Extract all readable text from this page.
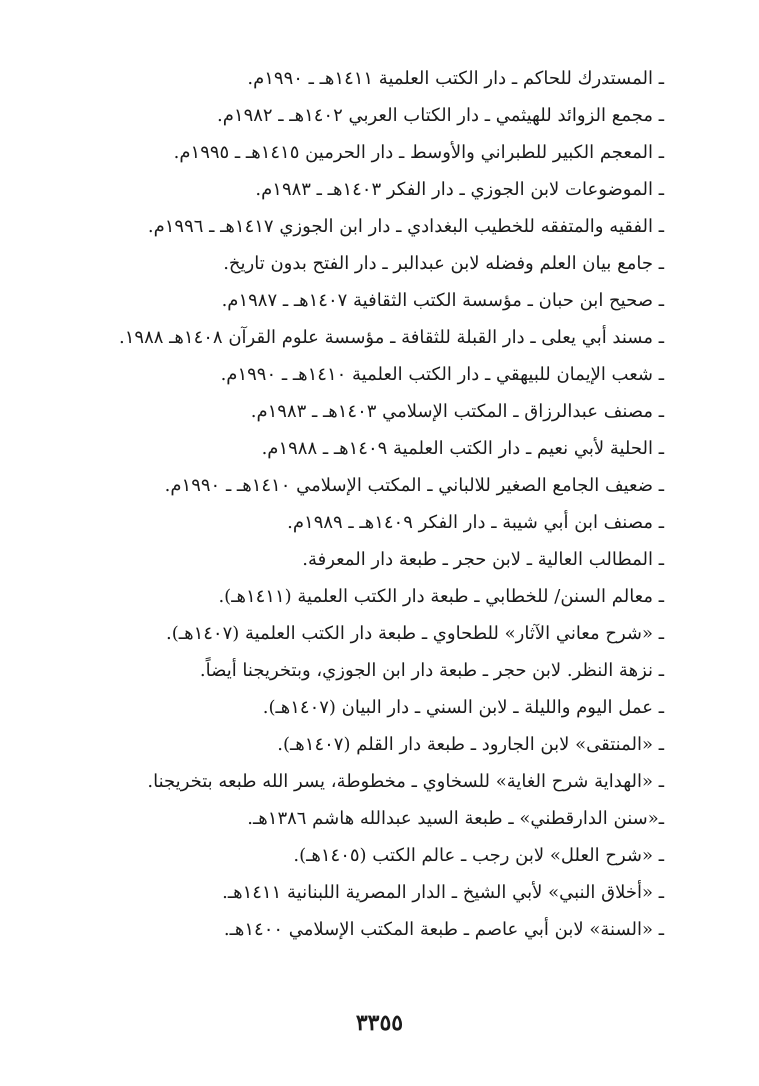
ـ المستدرك للحاكم ـ دار الكتب العلمية ١٤١١هـ ـ ١٩٩٠م.
ـ مجمع الزوائد للهيثمي ـ دار الكتاب العربي ١٤٠٢هـ ـ ١٩٨٢م.
ـ المعجم الكبير للطبراني والأوسط ـ دار الحرمين ١٤١٥هـ ـ ١٩٩٥م.
ـ الموضوعات لابن الجوزي ـ دار الفكر ١٤٠٣هـ ـ ١٩٨٣م.
ـ الفقيه والمتفقه للخطيب البغدادي ـ دار ابن الجوزي ١٤١٧هـ ـ ١٩٩٦م.
ـ جامع بيان العلم وفضله لابن عبدالبر ـ دار الفتح بدون تاريخ.
ـ صحيح ابن حبان ـ مؤسسة الكتب الثقافية ١٤٠٧هـ ـ ١٩٨٧م.
ـ مسند أبي يعلى ـ دار القبلة للثقافة ـ مؤسسة علوم القرآن ١٤٠٨هـ ١٩٨٨.
ـ شعب الإيمان للبيهقي ـ دار الكتب العلمية ١٤١٠هـ ـ ١٩٩٠م.
ـ مصنف عبدالرزاق ـ المكتب الإسلامي ١٤٠٣هـ ـ ١٩٨٣م.
ـ الحلية لأبي نعيم ـ دار الكتب العلمية ١٤٠٩هـ ـ ١٩٨٨م.
ـ ضعيف الجامع الصغير للالباني ـ المكتب الإسلامي ١٤١٠هـ ـ ١٩٩٠م.
ـ مصنف ابن أبي شيبة ـ دار الفكر ١٤٠٩هـ ـ ١٩٨٩م.
ـ المطالب العالية ـ لابن حجر ـ طبعة دار المعرفة.
ـ معالم السنن/ للخطابي ـ طبعة دار الكتب العلمية (١٤١١هـ).
ـ «شرح معاني الآثار» للطحاوي ـ طبعة دار الكتب العلمية (١٤٠٧هـ).
ـ نزهة النظر. لابن حجر ـ طبعة دار ابن الجوزي، وبتخريجنا أيضاً.
ـ عمل اليوم والليلة ـ لابن السني ـ دار البيان (١٤٠٧هـ).
ـ «المنتقى» لابن الجارود ـ طبعة دار القلم (١٤٠٧هـ).
ـ «الهداية شرح الغاية» للسخاوي ـ مخطوطة، يسر الله طبعه بتخريجنا.
ـ«سنن الدارقطني» ـ طبعة السيد عبدالله هاشم ١٣٨٦هـ.
ـ «شرح العلل» لابن رجب ـ عالم الكتب (١٤٠٥هـ).
ـ «أخلاق النبي» لأبي الشيخ ـ الدار المصرية اللبنانية ١٤١١هـ.
ـ «السنة» لابن أبي عاصم ـ طبعة المكتب الإسلامي ١٤٠٠هـ.
٣٣٥٥
